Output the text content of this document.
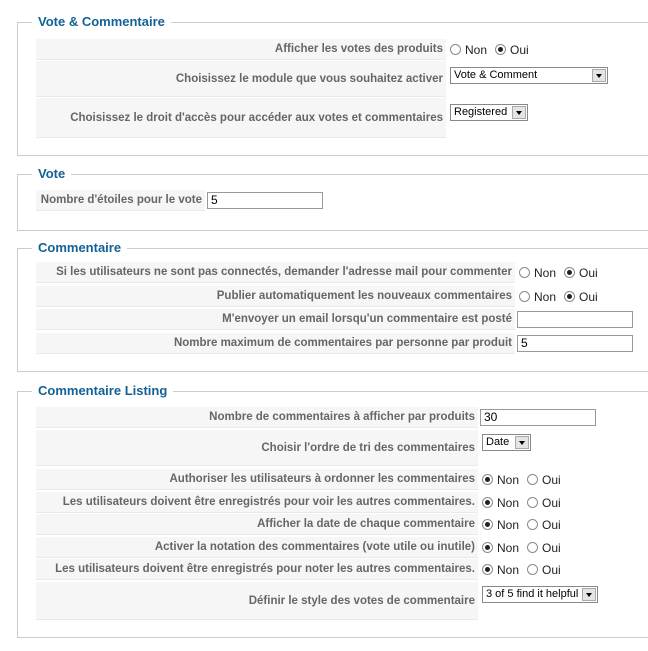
Vote & Commentaire
Afficher les votes des produits Non Oui
Choisissez le module que vous souhaitez activer Vote & Comment
Choisissez le droit d'accès pour accéder aux votes et commentaires Registered
Vote
Nombre d'étoiles pour le vote 5
Commentaire
Si les utilisateurs ne sont pas connectés, demander l'adresse mail pour commenter Non Oui
Publier automatiquement les nouveaux commentaires Non Oui
M'envoyer un email lorsqu'un commentaire est posté
Nombre maximum de commentaires par personne par produit 5
Commentaire Listing
Nombre de commentaires à afficher par produits 30
Choisir l'ordre de tri des commentaires Date
Authoriser les utilisateurs à ordonner les commentaires Non Oui
Les utilisateurs doivent être enregistrés pour voir les autres commentaires. Non Oui
Afficher la date de chaque commentaire Non Oui
Activer la notation des commentaires (vote utile ou inutile) Non Oui
Les utilisateurs doivent être enregistrés pour noter les autres commentaires. Non Oui
Définir le style des votes de commentaire
3 of 5 find it helpful
